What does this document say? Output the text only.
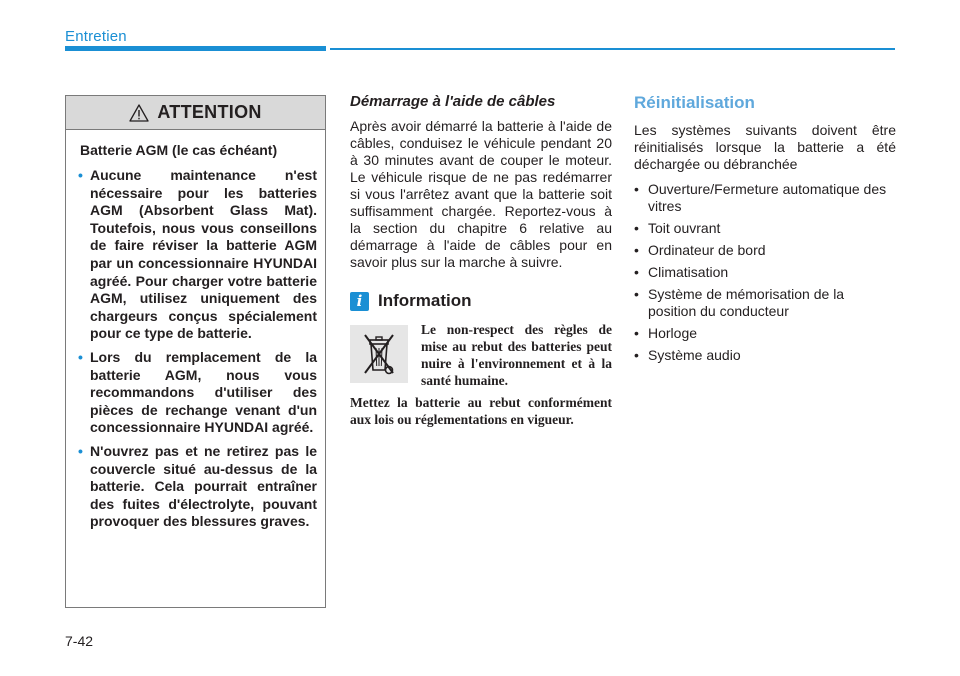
Entretien
ATTENTION

Batterie AGM (le cas échéant)

• Aucune maintenance n'est nécessaire pour les batteries AGM (Absorbent Glass Mat). Toutefois, nous vous conseillons de faire réviser la batterie AGM par un concessionnaire HYUNDAI agréé. Pour charger votre batterie AGM, utilisez uniquement des chargeurs conçus spécialement pour ce type de batterie.
• Lors du remplacement de la batterie AGM, nous vous recommandons d'utiliser des pièces de rechange venant d'un concessionnaire HYUNDAI agréé.
• N'ouvrez pas et ne retirez pas le couvercle situé au-dessus de la batterie. Cela pourrait entraîner des fuites d'électrolyte, pouvant provoquer des blessures graves.
Démarrage à l'aide de câbles

Après avoir démarré la batterie à l'aide de câbles, conduisez le véhicule pendant 20 à 30 minutes avant de couper le moteur. Le véhicule risque de ne pas redémarrer si vous l'arrêtez avant que la batterie soit suffisamment chargée. Reportez-vous à la section du chapitre 6 relative au démarrage à l'aide de câbles pour en savoir plus sur la marche à suivre.

i Information

Le non-respect des règles de mise au rebut des batteries peut nuire à l'environnement et à la santé humaine.

Mettez la batterie au rebut conformément aux lois ou réglementations en vigueur.

Réinitialisation

Les systèmes suivants doivent être réinitialisés lorsque la batterie a été déchargée ou débranchée

• Ouverture/Fermeture automatique des vitres
• Toit ouvrant
• Ordinateur de bord
• Climatisation
• Système de mémorisation de la position du conducteur
• Horloge
• Système audio
7-42
